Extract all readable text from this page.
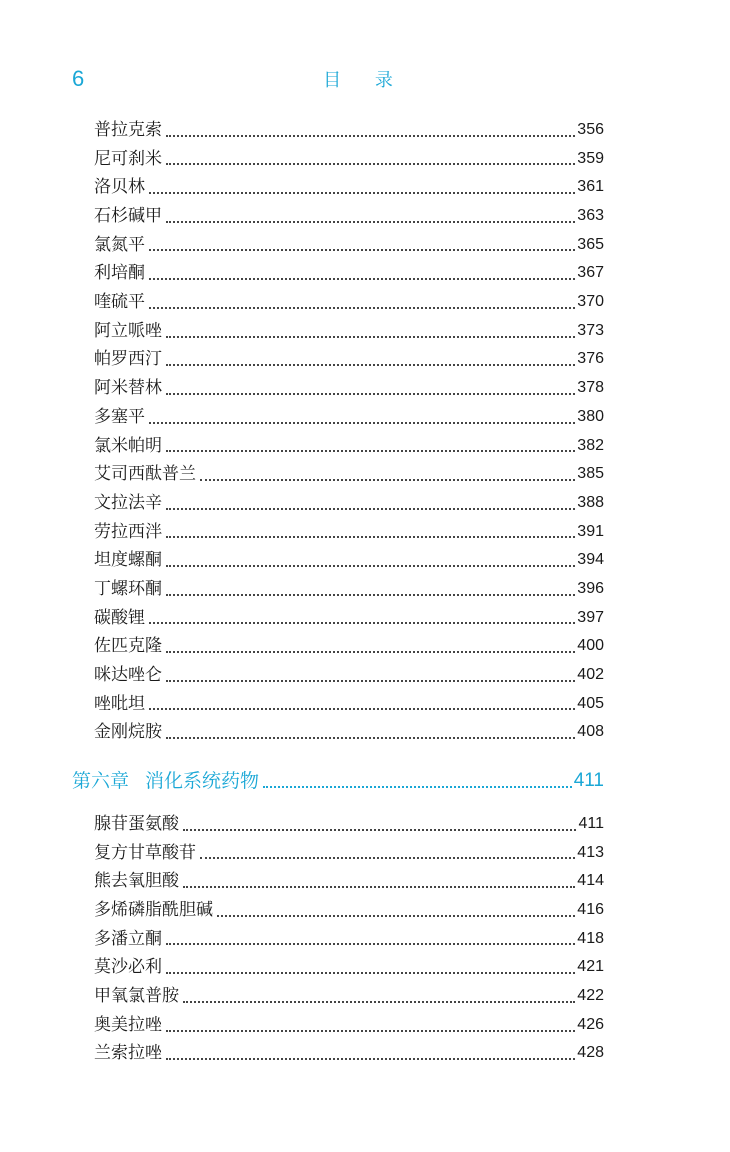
6	目 录
普拉克索	356
尼可刹米	359
洛贝林	361
石杉碱甲	363
氯氮平	365
利培酮	367
喹硫平	370
阿立哌唑	373
帕罗西汀	376
阿米替林	378
多塞平	380
氯米帕明	382
艾司西酞普兰	385
文拉法辛	388
劳拉西泮	391
坦度螺酮	394
丁螺环酮	396
碳酸锂	397
佐匹克隆	400
咪达唑仑	402
唑吡坦	405
金刚烷胺	408
第六章 消化系统药物	411
腺苷蛋氨酸	411
复方甘草酸苷	413
熊去氧胆酸	414
多烯磷脂酰胆碱	416
多潘立酮	418
莫沙必利	421
甲氧氯普胺	422
奥美拉唑	426
兰索拉唑	428
